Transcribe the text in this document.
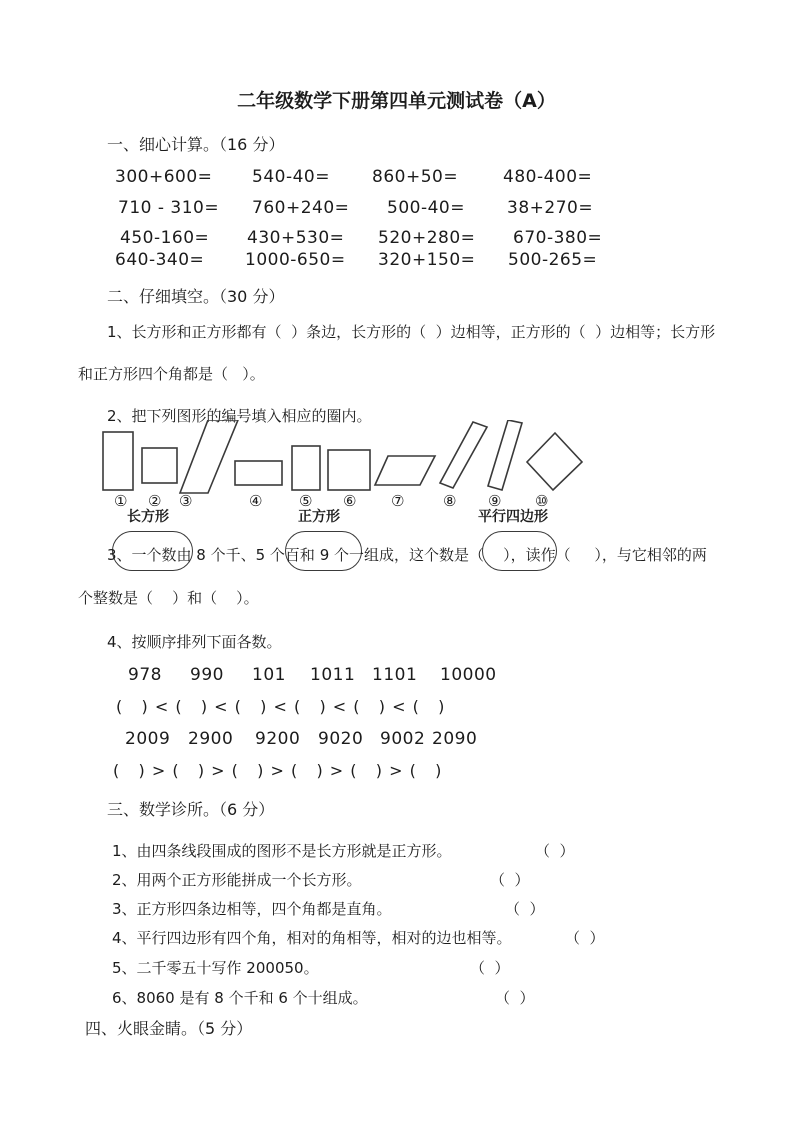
二年级数学下册第四单元测试卷（A）
一、细心计算。（16 分）
300+600= 540-40= 860+50=	480-400=
710 - 310= 760+240= 500-40= 38+270=
450-160= 430+530= 520+280= 670-380=
640-340= 1000-650= 320+150= 500-265=
二、仔细填空。（30 分）
1、长方形和正方形都有（  ）条边，长方形的（  ）边相等，正方形的（  ）边相等；长方形
和正方形四个角都是（   ）。
2、把下列图形的编号填入相应的圈内。
① ② ③	④ ⑤ ⑥ ⑦	⑧ ⑨ ⑩
长方形	正方形	平行四边形
3、一个数由 8 个千、5 个百和 9 个一组成，这个数是（    ），读作（     ），与它相邻的两
个整数是（    ）和（    ）。
4、按顺序排列下面各数。
978 990 101 1011 1101 10000
(   ) < (   ) < (   ) < (   ) < (   ) < (   )
2009 2900 9200 9020 9002 2090
(   ) > (   ) > (   ) > (   ) > (   ) > (   )
三、数学诊所。（6 分）
1、由四条线段围成的图形不是长方形就是正方形。	（  ）
2、用两个正方形能拼成一个长方形。	（  ）
3、正方形四条边相等，四个角都是直角。	（  ）
4、平行四边形有四个角，相对的角相等，相对的边也相等。	（  ）
5、二千零五十写作 200050。	（  ）
6、8060 是有 8 个千和 6 个十组成。	（  ）
四、火眼金睛。（5 分）
